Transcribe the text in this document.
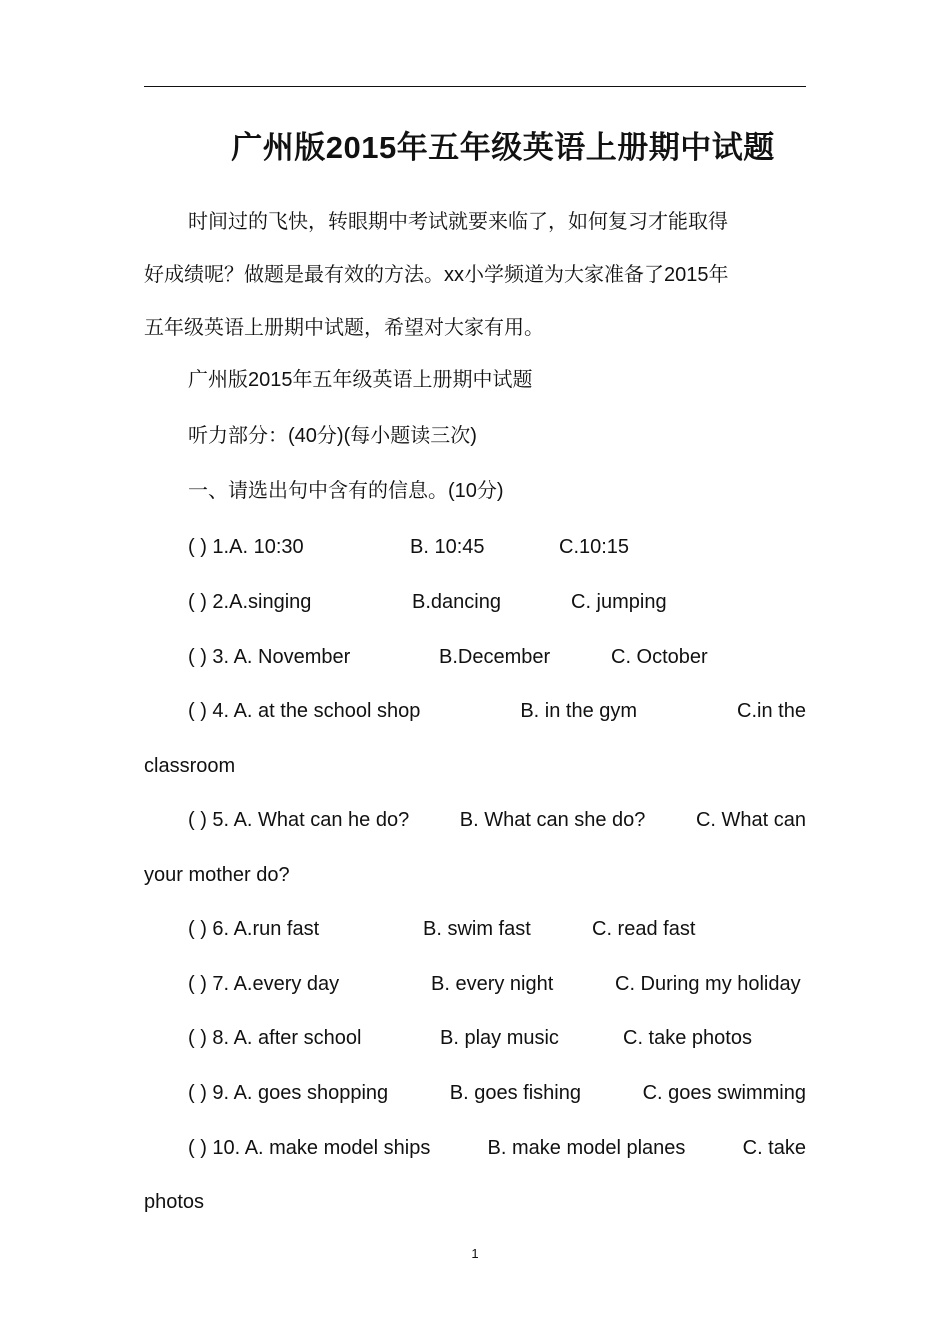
广州版2015年五年级英语上册期中试题
时间过的飞快，转眼期中考试就要来临了，如何复习才能取得
好成绩呢？做题是最有效的方法。xx小学频道为大家准备了2015年
五年级英语上册期中试题，希望对大家有用。
广州版2015年五年级英语上册期中试题
听力部分：(40分)(每小题读三次)
一、请选出句中含有的信息。(10分)
( ) 1.A. 10:30	B. 10:45	C.10:15
( ) 2.A.singing	B.dancing	C. jumping
( ) 3. A. November	B.December	C. October
( ) 4. A. at the school shop	B. in the gym	C.in the
classroom
( ) 5. A. What can he do?	B. What can she do?	C. What can
your mother do?
( ) 6. A.run fast	B. swim fast	C. read fast
( ) 7. A.every day	B. every night	C. During my holiday
( ) 8. A. after school	B. play music	C. take photos
( ) 9. A. goes shopping	B. goes fishing	C. goes swimming
( ) 10. A. make model ships	B. make model planes	C. take
photos
1
